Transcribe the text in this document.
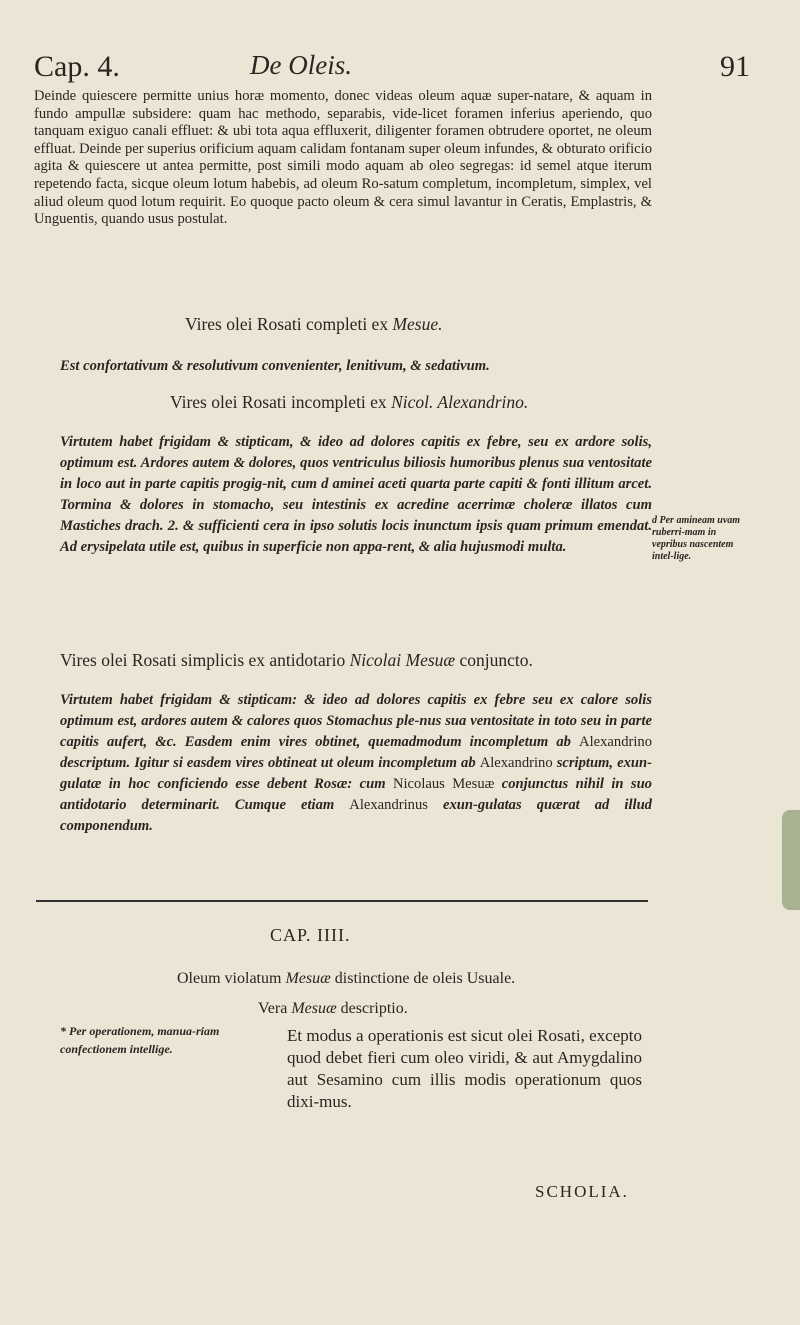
Cap. 4.	De Oleis.	91
Deinde quiescere permitte unius horæ momento, donec videas oleum aquæ super-natare, & aquam in fundo ampullæ subsidere: quam hac methodo, separabis, vide-licet foramen inferius aperiendo, quo tanquam exiguo canali effluet: & ubi tota aqua effluxerit, diligenter foramen obtrudere oportet, ne oleum effluat. Deinde per superius orificium aquam calidam fontanam super oleum infundes, & obturato orificio agita & quiescere ut antea permitte, post simili modo aquam ab oleo segregas: id semel atque iterum repetendo facta, sicque oleum lotum habebis, ad oleum Ro-satum completum, incompletum, simplex, vel aliud oleum quod lotum requirit. Eo quoque pacto oleum & cera simul lavantur in Ceratis, Emplastris, & Unguentis, quando usus postulat.
Vires olei Rosati completi ex Mesue.
Est confortativum & resolutivum convenienter, lenitivum, & sedativum.
Vires olei Rosati incompleti ex Nicol. Alexandrino.
Virtutem habet frigidam & stipticam, & ideo ad dolores capitis ex febre, seu ex ardore solis, optimum est. Ardores autem & dolores, quos ventriculus biliosis humoribus plenus sua ventositate in loco aut in parte capitis progig-nit, cum d aminei aceti quarta parte capiti & fonti illitum arcet. Tormina & dolores in stomacho, seu intestinis ex acredine acerrimæ choleræ illatos cum Mastiches drach. 2. & sufficienti cera in ipso solutis locis inunctum ipsis quam primum emendat. Ad erysipelata utile est, quibus in superficie non appa-rent, & alia hujusmodi multa.
d Per amineam uvam ruberri-mam in vepribus nascentem intel-lige.
Vires olei Rosati simplicis ex antidotario Nicolai Mesuæ conjuncto.
Virtutem habet frigidam & stipticam: & ideo ad dolores capitis ex febre seu ex calore solis optimum est, ardores autem & calores quos Stomachus ple-nus sua ventositate in toto seu in parte capitis aufert, &c. Easdem enim vires obtinet, quemadmodum incompletum ab Alexandrino descriptum. Igitur si easdem vires obtineat ut oleum incompletum ab Alexandrino scriptum, exun-gulatæ in hoc conficiendo esse debent Rosæ: cum Nicolaus Mesuæ conjunctus nihil in suo antidotario determinarit. Cumque etiam Alexandrinus exun-gulatas quærat ad illud componendum.
CAP. IIII.
Oleum violatum Mesuæ distinctione de oleis Usuale.
Vera Mesuæ descriptio.
* Per operationem, manua-riam confectionem intellige.
Et modus a operationis est sicut olei Rosati, excepto quod debet fieri cum oleo viridi, & aut Amygdalino aut Sesamino cum illis modis operationum quos dixi-mus.
SCHOLIA.
